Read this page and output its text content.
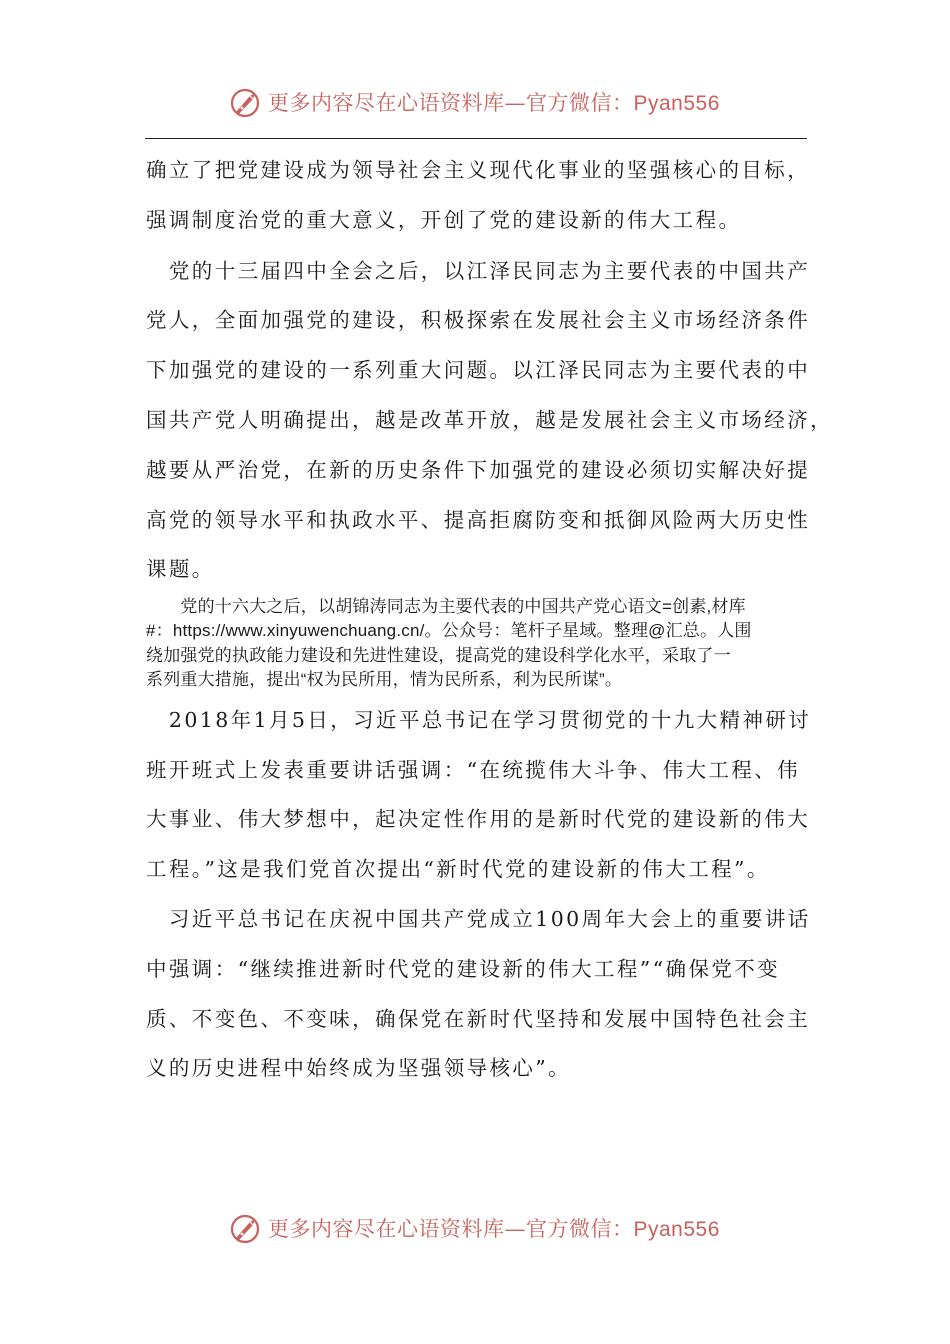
更多内容尽在心语资料库—官方微信：Pyan556
确立了把党建设成为领导社会主义现代化事业的坚强核心的目标，
强调制度治党的重大意义，开创了党的建设新的伟大工程。
　党的十三届四中全会之后，以江泽民同志为主要代表的中国共产
党人，全面加强党的建设，积极探索在发展社会主义市场经济条件
下加强党的建设的一系列重大问题。以江泽民同志为主要代表的中
国共产党人明确提出，越是改革开放，越是发展社会主义市场经济，
越要从严治党，在新的历史条件下加强党的建设必须切实解决好提
高党的领导水平和执政水平、提高拒腐防变和抵御风险两大历史性
课题。
　　党的十六大之后，以胡锦涛同志为主要代表的中国共产党心语文=创素,材库
#：https://www.xinyuwenchuang.cn/。公众号：笔杆子星域。整理@汇总。人围
绕加强党的执政能力建设和先进性建设，提高党的建设科学化水平，采取了一
系列重大措施，提出“权为民所用，情为民所系，利为民所谋”。
　2018年1月5日，习近平总书记在学习贯彻党的十九大精神研讨
班开班式上发表重要讲话强调：“在统揽伟大斗争、伟大工程、伟
大事业、伟大梦想中，起决定性作用的是新时代党的建设新的伟大
工程。”这是我们党首次提出“新时代党的建设新的伟大工程”。
　习近平总书记在庆祝中国共产党成立100周年大会上的重要讲话
中强调：“继续推进新时代党的建设新的伟大工程”“确保党不变
质、不变色、不变味，确保党在新时代坚持和发展中国特色社会主
义的历史进程中始终成为坚强领导核心”。
更多内容尽在心语资料库—官方微信：Pyan556
